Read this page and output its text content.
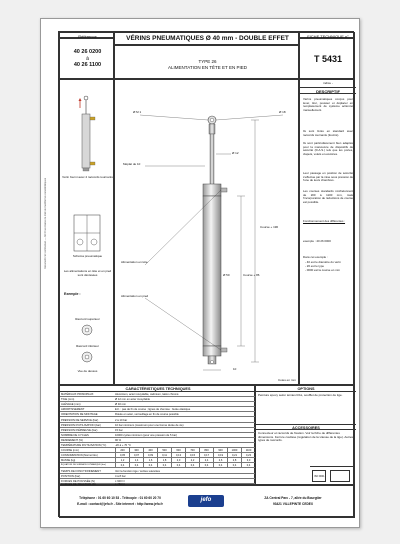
Document non contractuel — JEFO se réserve le droit de modifier les caractéristiques
Référence	VÉRINS PNEUMATIQUES Ø 40 mm - DOUBLE EFFET	FICHE TECHNIQUE n°
40 26 0200
à
40 26 1100
TYPE 26
ALIMENTATION EN TÊTE ET EN PIED
T 5431
Vérin fourni avec 2 raccords tournants
Schéma pneumatique
Les alimentations en tête et en pied sont dévissées
Exemple :
Raccord supérieur
Raccord inférieur
Vue de dessus
Ø M 1	Ø 18
Ø 12
Méplat de 10
Alimentation en tête
Alimentation en pied
Course + 196
Ø 50	Course + 86
10
Cotes en mm
indice -
DESCRIPTIF
Vérins pneumatiques conçus pour lever, tirer, pousser et déplacer en remplacement de système actionné manuellement.
Ils sont livrés en standard avec raccords tournants (fournis).
Ils sont particulièrement bien adaptés pour la manœuvre de dispositifs de sécurité (D.A.S.) tels que les portes, clapets, volets et exutoires.
Leur passage en position de sécurité s'effectue par la mise sous pression de l'une de leurs chambres.
Les courses standards s'échelonnent de 200 à 1100 mm, mais l'incorporation de réductions de course est possible.
Fonctionnement des différentes :
exemple : 40 26 0000
Dans cet exemple :
- 40 est le diamètre du vérin
- 26 est le type
- 0000 est la course en mm
CARACTÉRISTIQUES TECHNIQUES
MATÉRIAUX PRINCIPAUX	Aluminium, acier inoxydable, cadmium, laiton chromé
TIGE (mm)	Ø 12 mm en acier inoxydable
ALÉSAGE (mm)	Ø 40 mm
AMORTISSEMENT	E.F. : pas de fin de course ; lignes de chemise : butée élastique
ORIENTATION DE MONTAGE	Rotule en acier, verrouillage en fin de course possible
PRESSION DE SERVICE (bar)	2 à 10 bar
PRESSION D'UTILISATION (bar)	10 bar minimum (maximum pour une bonne durée de vie)
PRESSION D'ÉPREUVE (bar)	15 bar
NOMBRE DE CYCLES	10000 cycles minimum (pour une pression de 5 bar)
RENDEMENT (%)	90 %
TEMPÉRATURE D'UTILISATION (°C)	-20 à + 70 °C
COURSE (mm)	200	300	400	500	600	700	800	900	1000	1100
CONSOMMATION (Normo litre)	0,05	0,07	0,09	0,11	0,13	0,15	0,17	0,19	0,21	0,23
MASSE (kg)	1,2	1,4	1,6	1,8	2,0	2,2	2,4	2,6	2,8	3,0
ÉQUATION DE SURFACE DYNAMIQUE (bar)	0,4	0,4	0,4	0,4	0,4	0,4	0,4	0,4	0,4	0,4
TEMPS DE FONCTIONNEMENT	Voir la fonction tige / sorties suivantes
POSITION (bar)	4 à 8 bar
FORCES DE POUSSÉE (N)	≥ 900 N
FORCES DE TRACTION (N)	≥ 750 N
OPTIONS
Peinture époxy selon teintes RAL, soufflet de protection de tige.
ACCESSOIRES
Connecteur et raccords de fixation. Voir la fiche de différentes dimensions. Ferrure coulisse (régulation de la vitesse de la tige). Autres types de raccords.
ISO 9001
Téléphone : 01 60 60 10 53 - Télécopie : 01 60 60 20 70
E-mail : contact@jefo.fr - Site internet : http://www.jefo.fr
jefo	ZA Central Parc - 7, allée du Bourgtier
93421 VILLEPINTE CEDEX
